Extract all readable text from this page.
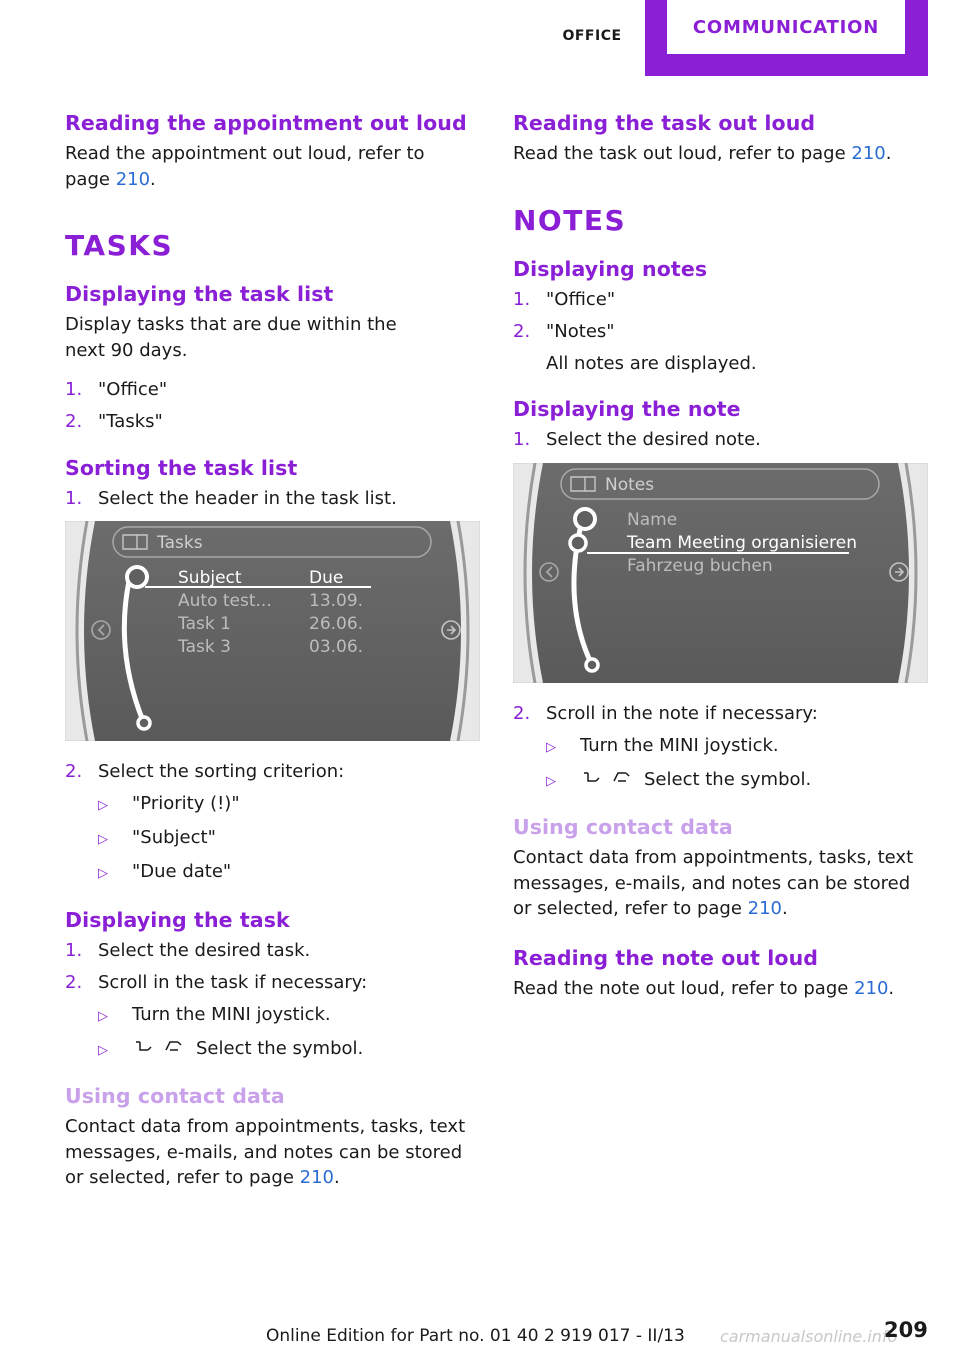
OFFICE	COMMUNICATION
Reading the appointment out loud

Read the appointment out loud, refer to page 210.

TASKS
Displaying the task list

Display tasks that are due within the next 90 days.

1. "Office"
2. "Tasks"
Sorting the task list
1. Select the header in the task list.
Tasks
Subject	Due
Auto test... 13.09.
Task 1	26.06.
Task 3	03.06.
2. Select the sorting criterion:
▷	"Priority (!)"
▷	"Subject"
▷	"Due date"
Displaying the task
1. Select the desired task.
2. Scroll in the task if necessary:
▷	Turn the MINI joystick.
▷	Select the symbol.
Using contact data

Contact data from appointments, tasks, text messages, e-mails, and notes can be stored or selected, refer to page 210.

Reading the task out loud

Read the task out loud, refer to page 210.

NOTES
Displaying notes
1. "Office"
2. "Notes"
All notes are displayed.
Displaying the note
1. Select the desired note.
Notes
Name
Team Meeting organisieren
Fahrzeug buchen
2. Scroll in the note if necessary:
▷	Turn the MINI joystick.
▷	Select the symbol.
Using contact data

Contact data from appointments, tasks, text messages, e-mails, and notes can be stored or selected, refer to page 210.

Reading the note out loud

Read the note out loud, refer to page 210.

Online Edition for Part no. 01 40 2 919 017 - II/13 carmanualsonline.info
209
